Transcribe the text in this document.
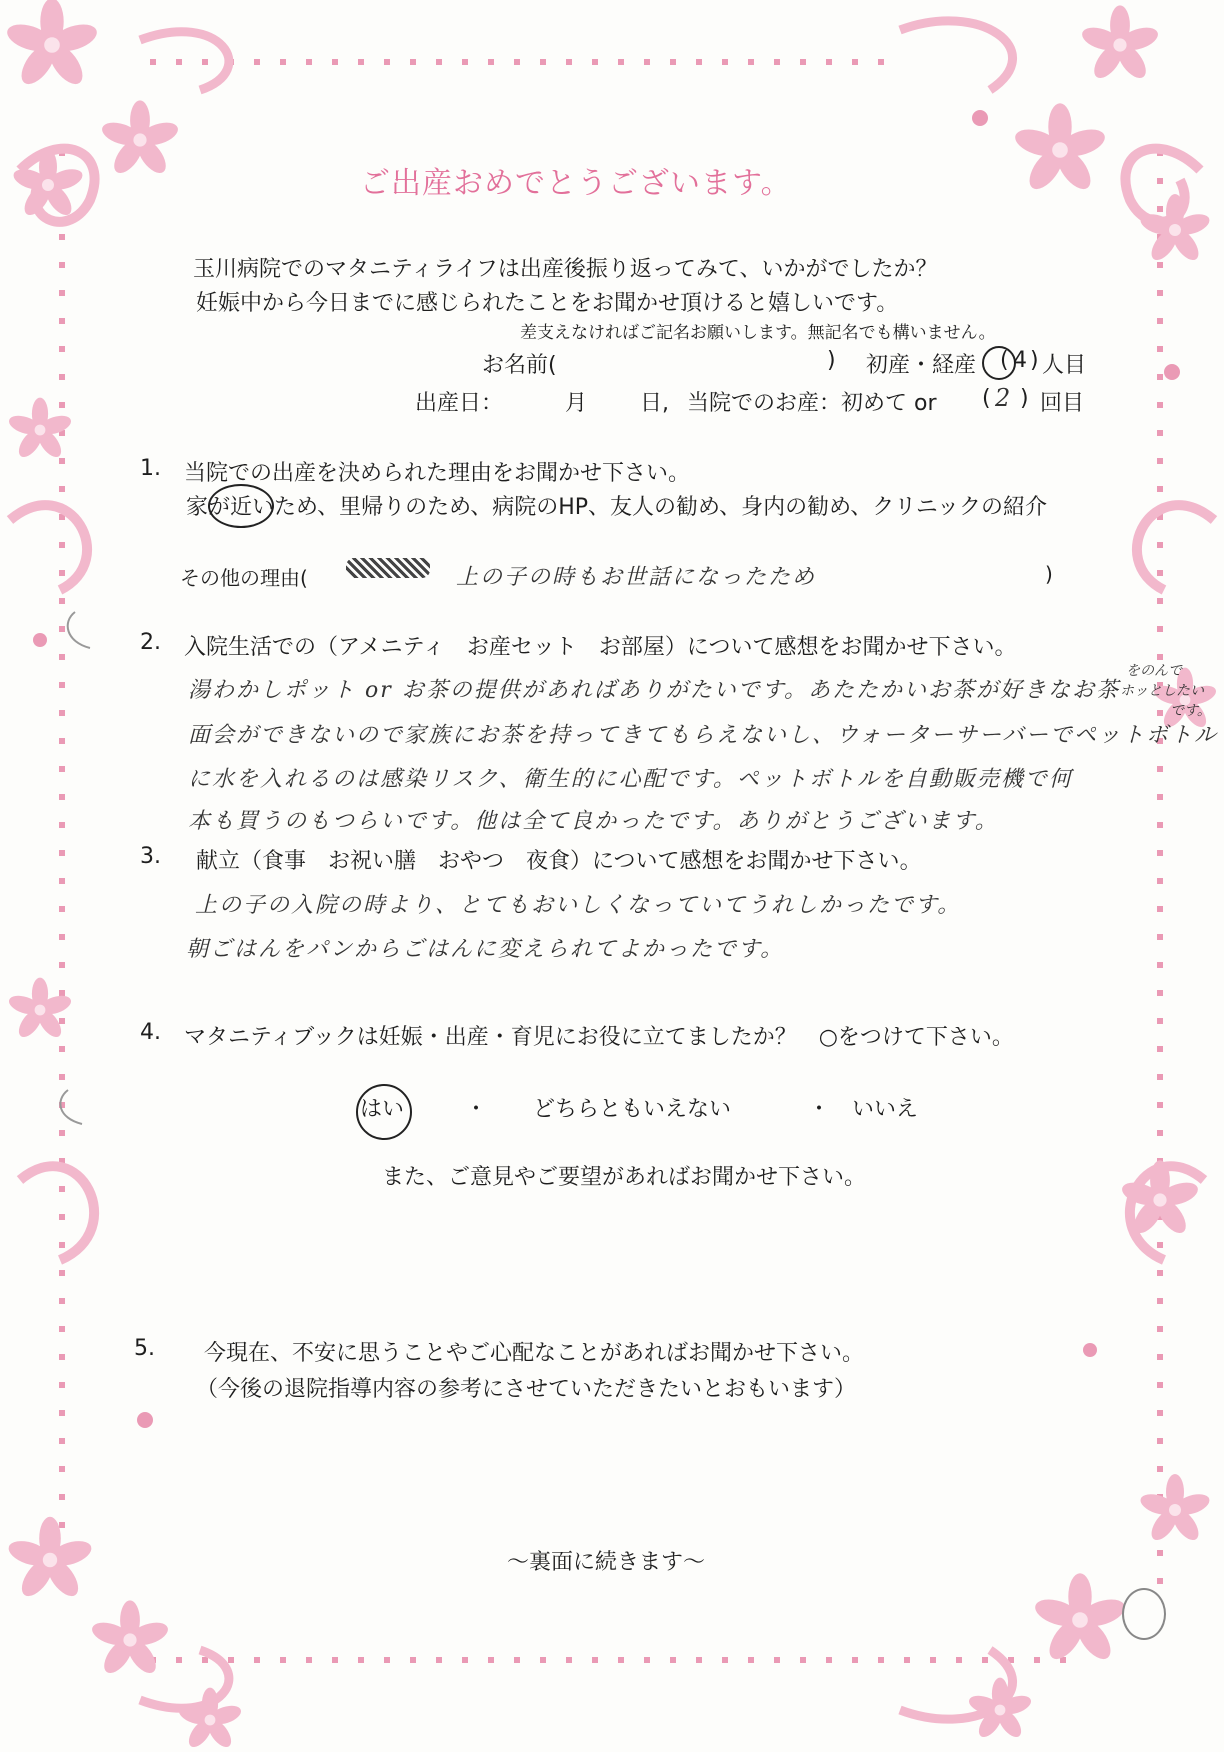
ご出産おめでとうございます。
玉川病院でのマタニティライフは出産後振り返ってみて、いかがでしたか？
妊娠中から今日までに感じられたことをお聞かせ頂けると嬉しいです。
差支えなければご記名お願いします。無記名でも構いません。
お名前(	) 初産・経産 ( 4 ) 人目
出産日：	月 日, 当院でのお産：初めて or ( 2 ) 回目
1. 当院での出産を決められた理由をお聞かせ下さい。
家が近いため、里帰りのため、病院のHP、友人の勧め、身内の勧め、クリニックの紹介
その他の理由(	上の子の時もお世話になったため	)
2. 入院生活での（アメニティ　お産セット　お部屋）について感想をお聞かせ下さい。
湯わかしポット or お茶の提供があればありがたいです。あたたかいお茶が好きなお茶
をのんで
ホッとしたい
です。
面会ができないので家族にお茶を持ってきてもらえないし、ウォーターサーバーでペットボトル
に水を入れるのは感染リスク、衛生的に心配です。ペットボトルを自動販売機で何
本も買うのもつらいです。他は全て良かったです。ありがとうございます。
3. 献立（食事　お祝い膳　おやつ　夜食）について感想をお聞かせ下さい。
上の子の入院の時より、とてもおいしくなっていてうれしかったです。
朝ごはんをパンからごはんに変えられてよかったです。
4. マタニティブックは妊娠・出産・育児にお役に立てましたか？　○をつけて下さい。
はい	・ どちらともいえない	・ いいえ
また、ご意見やご要望があればお聞かせ下さい。
5. 今現在、不安に思うことやご心配なことがあればお聞かせ下さい。
（今後の退院指導内容の参考にさせていただきたいとおもいます）
～裏面に続きます～
